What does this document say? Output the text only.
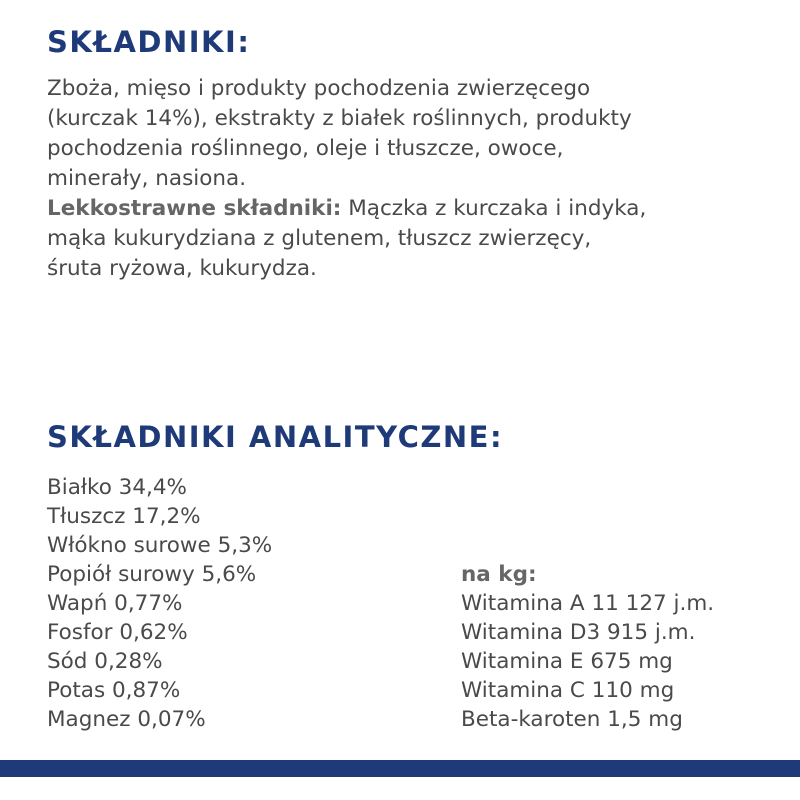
SKŁADNIKI:
Zboża, mięso i produkty pochodzenia zwierzęcego
(kurczak 14%), ekstrakty z białek roślinnych, produkty
pochodzenia roślinnego, oleje i tłuszcze, owoce,
minerały, nasiona.
Lekkostrawne składniki: Mączka z kurczaka i indyka,
mąka kukurydziana z glutenem, tłuszcz zwierzęcy,
śruta ryżowa, kukurydza.
SKŁADNIKI ANALITYCZNE:
Białko 34,4%
Tłuszcz 17,2%
Włókno surowe 5,3%
Popiół surowy 5,6%
Wapń 0,77%
Fosfor 0,62%
Sód 0,28%
Potas 0,87%
Magnez 0,07%
na kg:
Witamina A 11 127 j.m.
Witamina D3 915 j.m.
Witamina E 675 mg
Witamina C 110 mg
Beta-karoten 1,5 mg
